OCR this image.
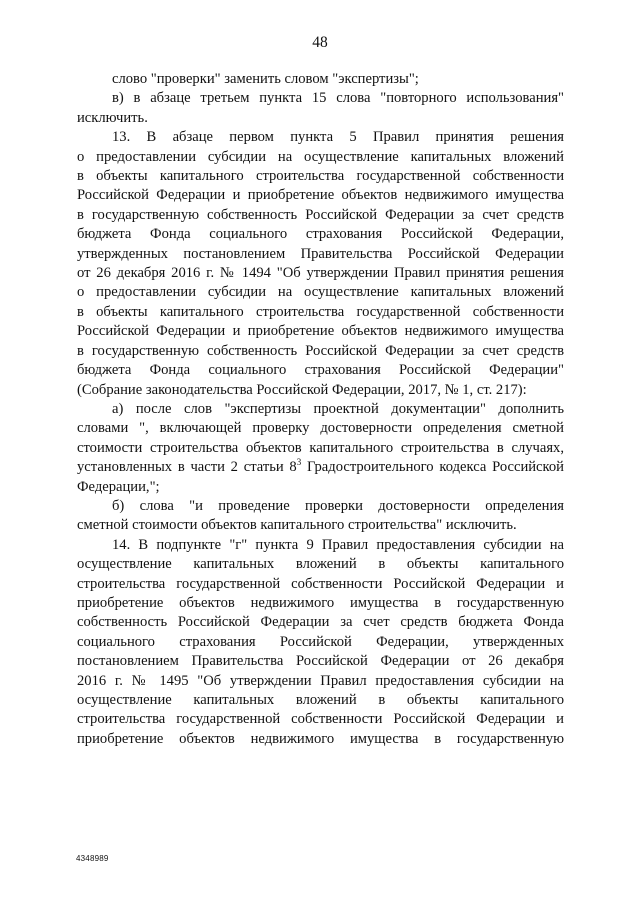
48
слово "проверки" заменить словом "экспертизы";
в) в абзаце третьем пункта 15 слова "повторного использования"
исключить.
13. В абзаце первом пункта 5 Правил принятия решения
о предоставлении субсидии на осуществление капитальных вложений
в объекты капитального строительства государственной собственности
Российской Федерации и приобретение объектов недвижимого имущества
в государственную собственность Российской Федерации за счет средств
бюджета Фонда социального страхования Российской Федерации,
утвержденных постановлением Правительства Российской Федерации
от 26 декабря 2016 г. № 1494 "Об утверждении Правил принятия решения
о предоставлении субсидии на осуществление капитальных вложений
в объекты капитального строительства государственной собственности
Российской Федерации и приобретение объектов недвижимого имущества
в государственную собственность Российской Федерации за счет средств
бюджета Фонда социального страхования Российской Федерации"
(Собрание законодательства Российской Федерации, 2017, № 1, ст. 217):
а) после слов "экспертизы проектной документации" дополнить
словами ", включающей проверку достоверности определения сметной
стоимости строительства объектов капитального строительства в случаях,
установленных в части 2 статьи $8^3$ Градостроительного кодекса Российской
Федерации,";
б) слова "и проведение проверки достоверности определения
сметной стоимости объектов капитального строительства" исключить.
14. В подпункте "г" пункта 9 Правил предоставления субсидии на
осуществление капитальных вложений в объекты капитального
строительства государственной собственности Российской Федерации и
приобретение объектов недвижимого имущества в государственную
собственность Российской Федерации за счет средств бюджета Фонда
социального страхования Российской Федерации, утвержденных
постановлением Правительства Российской Федерации от 26 декабря
2016 г. № 1495 "Об утверждении Правил предоставления субсидии на
осуществление капитальных вложений в объекты капитального
строительства государственной собственности Российской Федерации и
приобретение объектов недвижимого имущества в государственную
4348989
